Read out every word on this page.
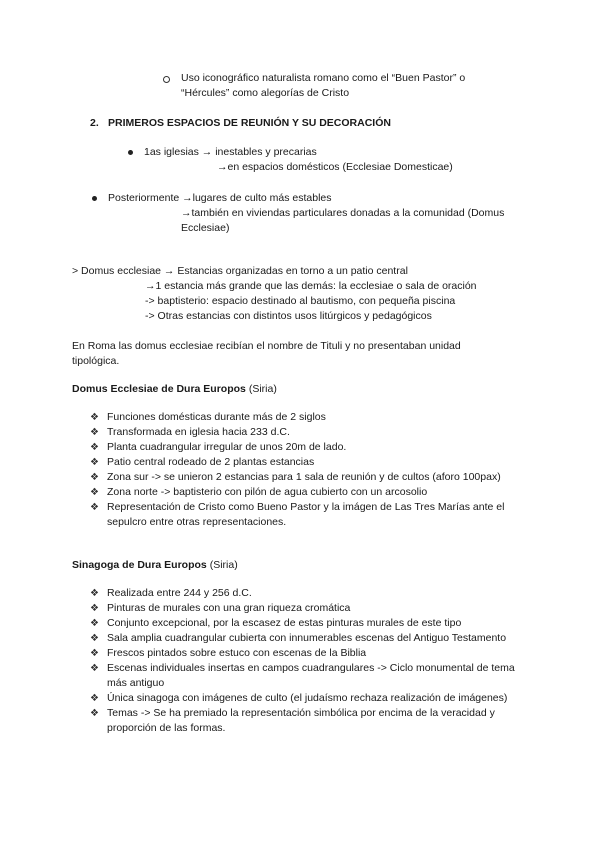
Uso iconográfico naturalista romano como el “Buen Pastor” o
“Hércules” como alegorías de Cristo
2. PRIMEROS ESPACIOS DE REUNIÓN Y SU DECORACIÓN
1as iglesias → inestables y precarias
→en espacios domésticos (Ecclesiae Domesticae)
Posteriormente →lugares de culto más estables
→también en viviendas particulares donadas a la comunidad (Domus
Ecclesiae)
> Domus ecclesiae → Estancias organizadas en torno a un patio central
→1 estancia más grande que las demás: la ecclesiae o sala de oración
-> baptisterio: espacio destinado al bautismo, con pequeña piscina
-> Otras estancias con distintos usos litúrgicos y pedagógicos
En Roma las domus ecclesiae recibían el nombre de Tituli y no presentaban unidad
tipológica.
Domus Ecclesiae de Dura Europos (Siria)
❖ Funciones domésticas durante más de 2 siglos
❖ Transformada en iglesia hacia 233 d.C.
❖ Planta cuadrangular irregular de unos 20m de lado.
❖ Patio central rodeado de 2 plantas estancias
❖ Zona sur -> se unieron 2 estancias para 1 sala de reunión y de cultos (aforo 100pax)
❖ Zona norte -> baptisterio con pilón de agua cubierto con un arcosolio
❖ Representación de Cristo como Bueno Pastor y la imágen de Las Tres Marías ante el sepulcro entre otras representaciones.
Sinagoga de Dura Europos (Siria)
❖ Realizada entre 244 y 256 d.C.
❖ Pinturas de murales con una gran riqueza cromática
❖ Conjunto excepcional, por la escasez de estas pinturas murales de este tipo
❖ Sala amplia cuadrangular cubierta con innumerables escenas del Antiguo Testamento
❖ Frescos pintados sobre estuco con escenas de la Biblia
❖ Escenas individuales insertas en campos cuadrangulares -> Ciclo monumental de tema más antiguo
❖ Única sinagoga con imágenes de culto (el judaísmo rechaza realización de imágenes)
❖ Temas -> Se ha premiado la representación simbólica por encima de la veracidad y proporción de las formas.
